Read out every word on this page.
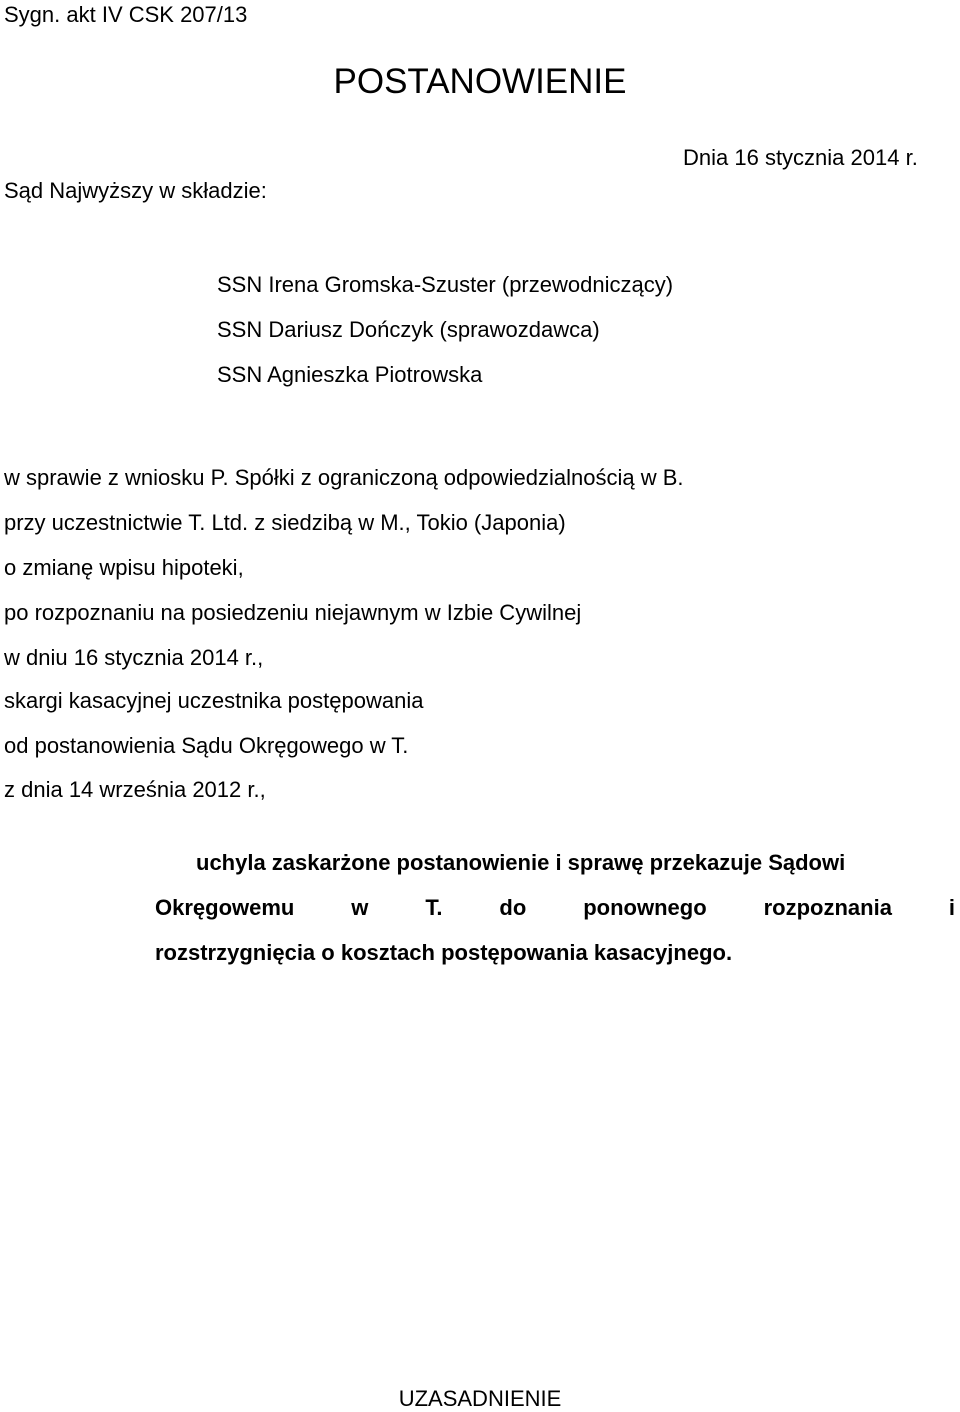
Sygn. akt IV CSK 207/13
POSTANOWIENIE
Dnia 16 stycznia 2014 r.
Sąd Najwyższy w składzie:
SSN Irena Gromska-Szuster (przewodniczący)
SSN Dariusz Dończyk (sprawozdawca)
SSN Agnieszka Piotrowska
w sprawie z wniosku P. Spółki z ograniczoną odpowiedzialnością w B.
przy uczestnictwie T. Ltd. z siedzibą w M., Tokio (Japonia)
o zmianę wpisu hipoteki,
po rozpoznaniu na posiedzeniu niejawnym w Izbie Cywilnej
w dniu 16 stycznia 2014 r.,
skargi kasacyjnej uczestnika postępowania
od postanowienia Sądu Okręgowego w T.
z dnia 14 września 2012 r.,
uchyla zaskarżone postanowienie i sprawę przekazuje Sądowi
Okręgowemu w T. do ponownego rozpoznania i
rozstrzygnięcia o kosztach postępowania kasacyjnego.
UZASADNIENIE
